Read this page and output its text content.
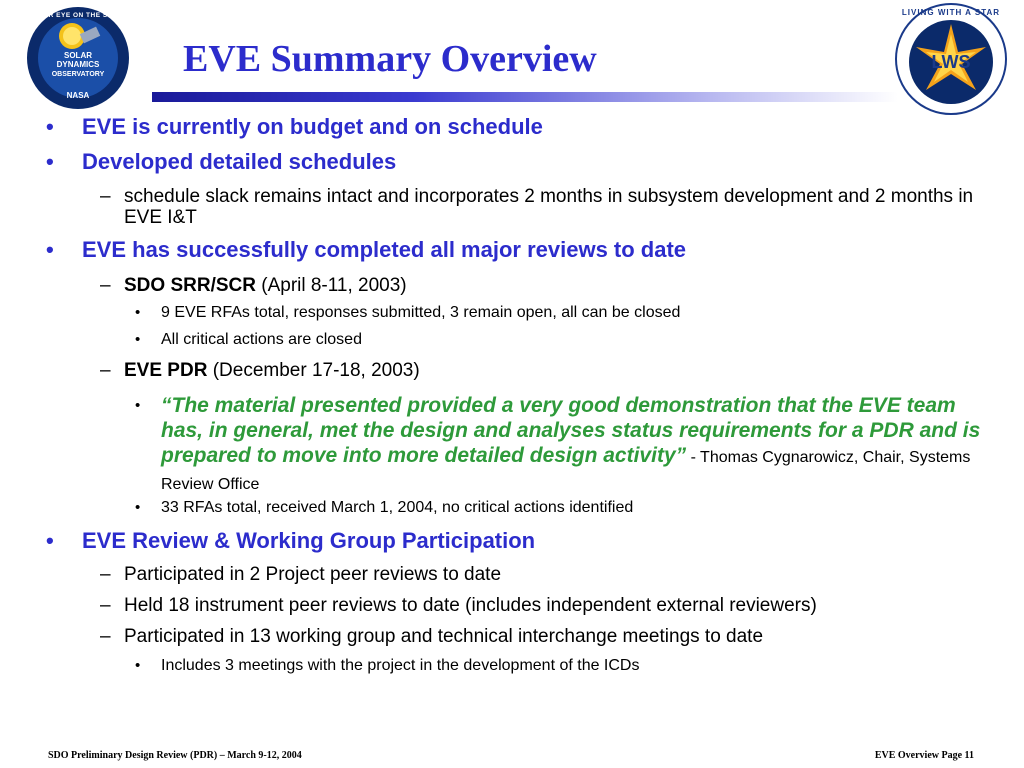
OUR EYE ON THE SUN
SOLAR
DYNAMICS
OBSERVATORY
NASA
LIVING WITH A STAR
LWS
EVE Summary Overview
• EVE is currently on budget and on schedule
• Developed detailed schedules
– schedule slack remains intact and incorporates 2 months in subsystem development and 2 months in EVE I&T
• EVE has successfully completed all major reviews to date
– SDO SRR/SCR (April 8-11, 2003)
• 9 EVE RFAs total, responses submitted, 3 remain open, all can be closed
• All critical actions are closed
– EVE PDR (December 17-18, 2003)
• “The material presented provided a very good demonstration that the EVE team has, in general, met the design and analyses status requirements for a PDR and is prepared to move into more detailed design activity” - Thomas Cygnarowicz, Chair, Systems Review Office
• 33 RFAs total, received March 1, 2004, no critical actions identified
• EVE Review & Working Group Participation
– Participated in 2 Project peer reviews to date
– Held 18 instrument peer reviews to date (includes independent external reviewers)
– Participated in 13 working group and technical interchange meetings to date
• Includes 3 meetings with the project in the development of the ICDs
SDO Preliminary Design Review (PDR) – March 9-12, 2004	EVE Overview Page 11
